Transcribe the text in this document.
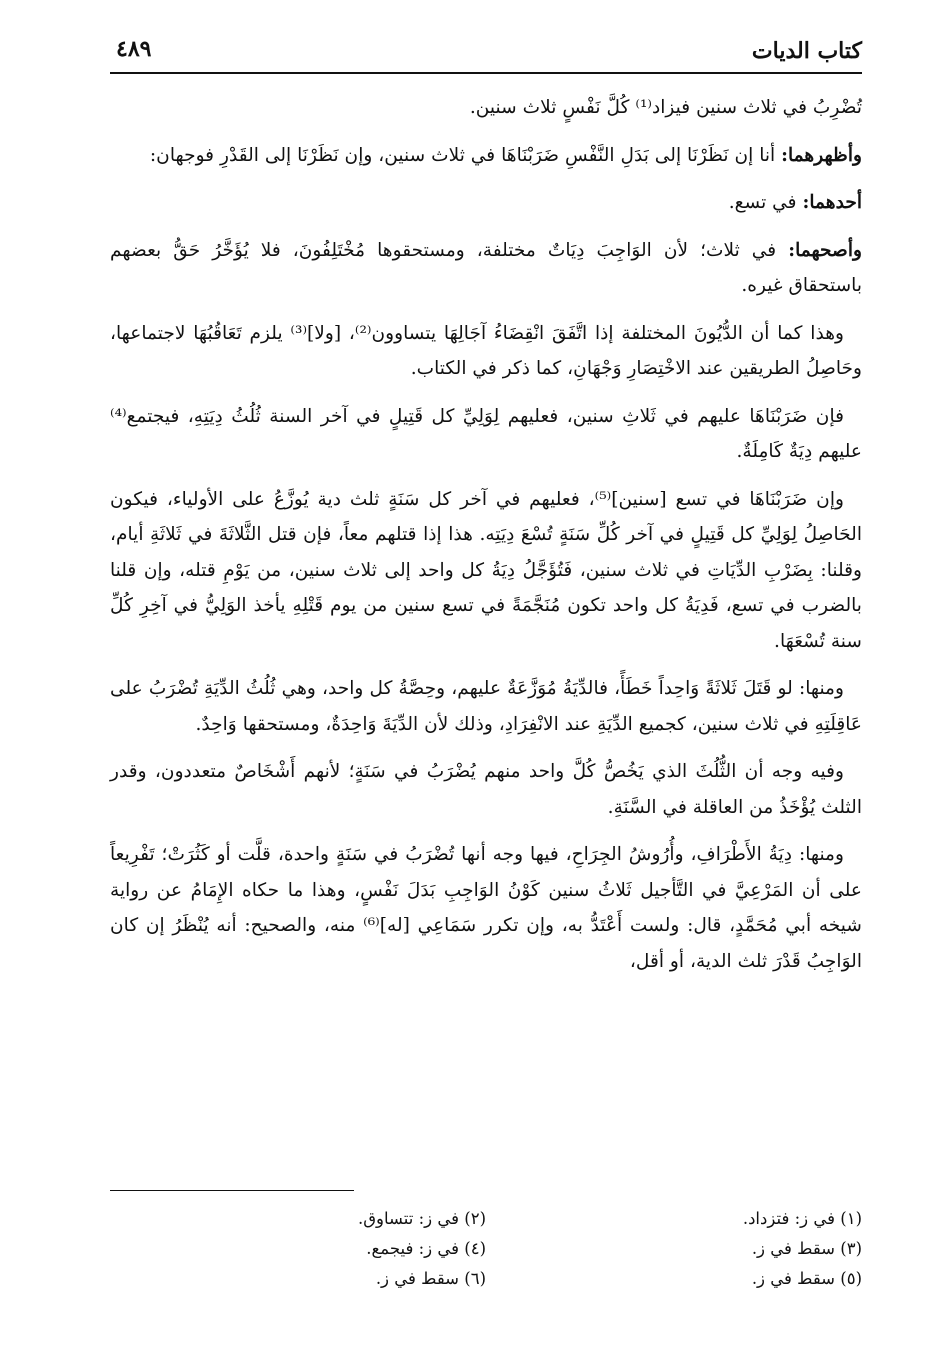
كتاب الديات
٤٨٩

تُضْرِبُ في ثلاث سنين فيزاد⁽¹⁾ كُلَّ نَفْسٍ ثلاث سنين.

وأظهرهما: أنا إن نَظَرْنَا إلى بَدَلِ النَّفْسِ ضَرَبْنَاهَا في ثلاث سنين، وإن نَظَرْنَا إلى القَدْرِ فوجهان:

أحدهما: في تسع.

وأصحهما: في ثلاث؛ لأن الوَاجِبَ دِيَاتٌ مختلفة، ومستحقوها مُخْتَلِفُونَ، فلا يُؤَخَّرُ حَقُّ بعضهم باستحقاق غيره.

وهذا كما أن الدُّيُونَ المختلفة إذا اتَّفَقَ انْقِضَاءُ آجَالِهَا يتساوون⁽²⁾، [ولا]⁽³⁾ يلزم تَعَاقُبُهَا لاجتماعها، وحَاصِلُ الطريقين عند الاخْتِصَارِ وَجْهَانِ، كما ذكر في الكتاب.

فإن ضَرَبْنَاهَا عليهم في ثَلاثِ سنين، فعليهم لِوَلِيِّ كل قَتِيلٍ في آخر السنة ثُلُثُ دِيَتِهِ، فيجتمع⁽⁴⁾ عليهم دِيَةٌ كَامِلَةٌ.

وإن ضَرَبْنَاهَا في تسع [سنين]⁽⁵⁾، فعليهم في آخر كل سَنَةٍ ثلث دية يُوزَّعُ على الأولياء، فيكون الحَاصِلُ لِوَلِيِّ كل قَتِيلٍ في آخر كُلِّ سَنَةٍ تُسْعَ دِيَتِه. هذا إذا قتلهم معاً، فإن قتل الثَّلاثَةَ في ثَلاثَةِ أيام، وقلنا: بِضَرْبِ الدِّيَاتِ في ثلاث سنين، فَتُؤَجَّلُ دِيَةُ كل واحد إلى ثلاث سنين، من يَوْمِ قتله، وإن قلنا بالضرب في تسع، فَدِيَةُ كل واحد تكون مُنَجَّمَةً في تسع سنين من يوم قَتْلِهِ يأخذ الوَلِيُّ في آخِرِ كُلِّ سنة تُسْعَهَا.

ومنها: لو قَتَلَ ثَلاثَةً وَاحِداً خَطَأً، فالدِّيَةُ مُوَزَّعَةٌ عليهم، وحِصَّةُ كل واحد، وهي ثُلُثُ الدِّيَةِ تُضْرَبُ على عَاقِلَتِهِ في ثلاث سنين، كجميع الدِّيَةِ عند الانْفِرَادِ، وذلك لأن الدِّيَةَ وَاحِدَةٌ، ومستحقها وَاحِدٌ.

وفيه وجه أن الثُّلُثَ الذي يَخُصُّ كُلَّ واحد منهم يُضْرَبُ في سَنَةٍ؛ لأنهم أَشْخَاصٌ متعددون، وقدر الثلث يُؤْخَذُ من العاقلة في السَّنَةِ.

ومنها: دِيَةُ الأَطْرَافِ، وأُرُوشُ الجِرَاحِ، فيها وجه أنها تُضْرَبُ في سَنَةٍ واحدة، قلَّت أو كَثُرَتْ؛ تَفْرِيعاً على أن المَرْعِيَّ في التَّأجيل ثَلاثُ سنين كَوْنُ الوَاجِبِ بَدَلَ نَفْسٍ، وهذا ما حكاه الإِمَامُ عن رواية شيخه أبي مُحَمَّدٍ، قال: ولست أَعْتَدُّ به، وإن تكرر سَمَاعِي [له]⁽⁶⁾ منه، والصحيح: أنه يُنْظَرُ إن كان الوَاجِبُ قَدْرَ ثلث الدية، أو أقل،

(١) في ز: فتزداد.
(٢) في ز: تتساوق.
(٣) سقط في ز.
(٤) في ز: فيجمع.
(٥) سقط في ز.
(٦) سقط في ز.
